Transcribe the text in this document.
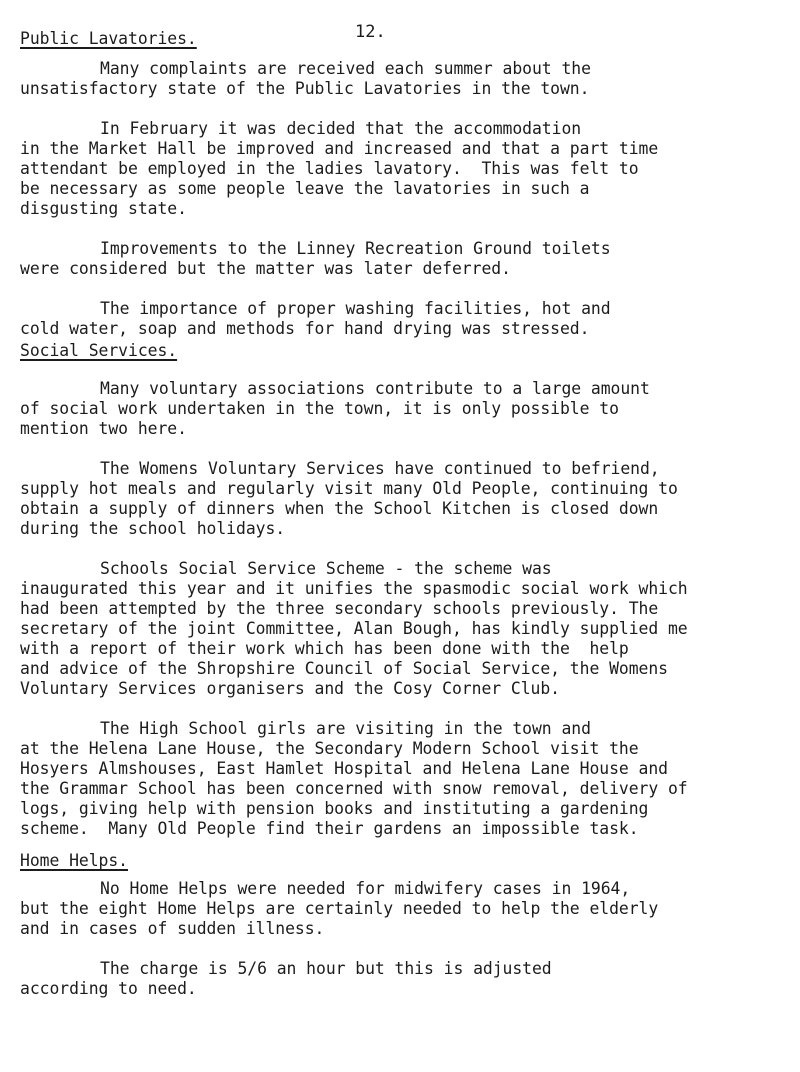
12.
Public Lavatories.
Many complaints are received each summer about the
unsatisfactory state of the Public Lavatories in the town.
In February it was decided that the accommodation
in the Market Hall be improved and increased and that a part time
attendant be employed in the ladies lavatory.  This was felt to
be necessary as some people leave the lavatories in such a
disgusting state.
Improvements to the Linney Recreation Ground toilets
were considered but the matter was later deferred.
The importance of proper washing facilities, hot and
cold water, soap and methods for hand drying was stressed.
Social Services.
Many voluntary associations contribute to a large amount
of social work undertaken in the town, it is only possible to
mention two here.
The Womens Voluntary Services have continued to befriend,
supply hot meals and regularly visit many Old People, continuing to
obtain a supply of dinners when the School Kitchen is closed down
during the school holidays.
Schools Social Service Scheme - the scheme was
inaugurated this year and it unifies the spasmodic social work which
had been attempted by the three secondary schools previously. The
secretary of the joint Committee, Alan Bough, has kindly supplied me
with a report of their work which has been done with the  help
and advice of the Shropshire Council of Social Service, the Womens
Voluntary Services organisers and the Cosy Corner Club.
The High School girls are visiting in the town and
at the Helena Lane House, the Secondary Modern School visit the
Hosyers Almshouses, East Hamlet Hospital and Helena Lane House and
the Grammar School has been concerned with snow removal, delivery of
logs, giving help with pension books and instituting a gardening
scheme.  Many Old People find their gardens an impossible task.
Home Helps.
No Home Helps were needed for midwifery cases in 1964,
but the eight Home Helps are certainly needed to help the elderly
and in cases of sudden illness.
The charge is 5/6 an hour but this is adjusted
according to need.
